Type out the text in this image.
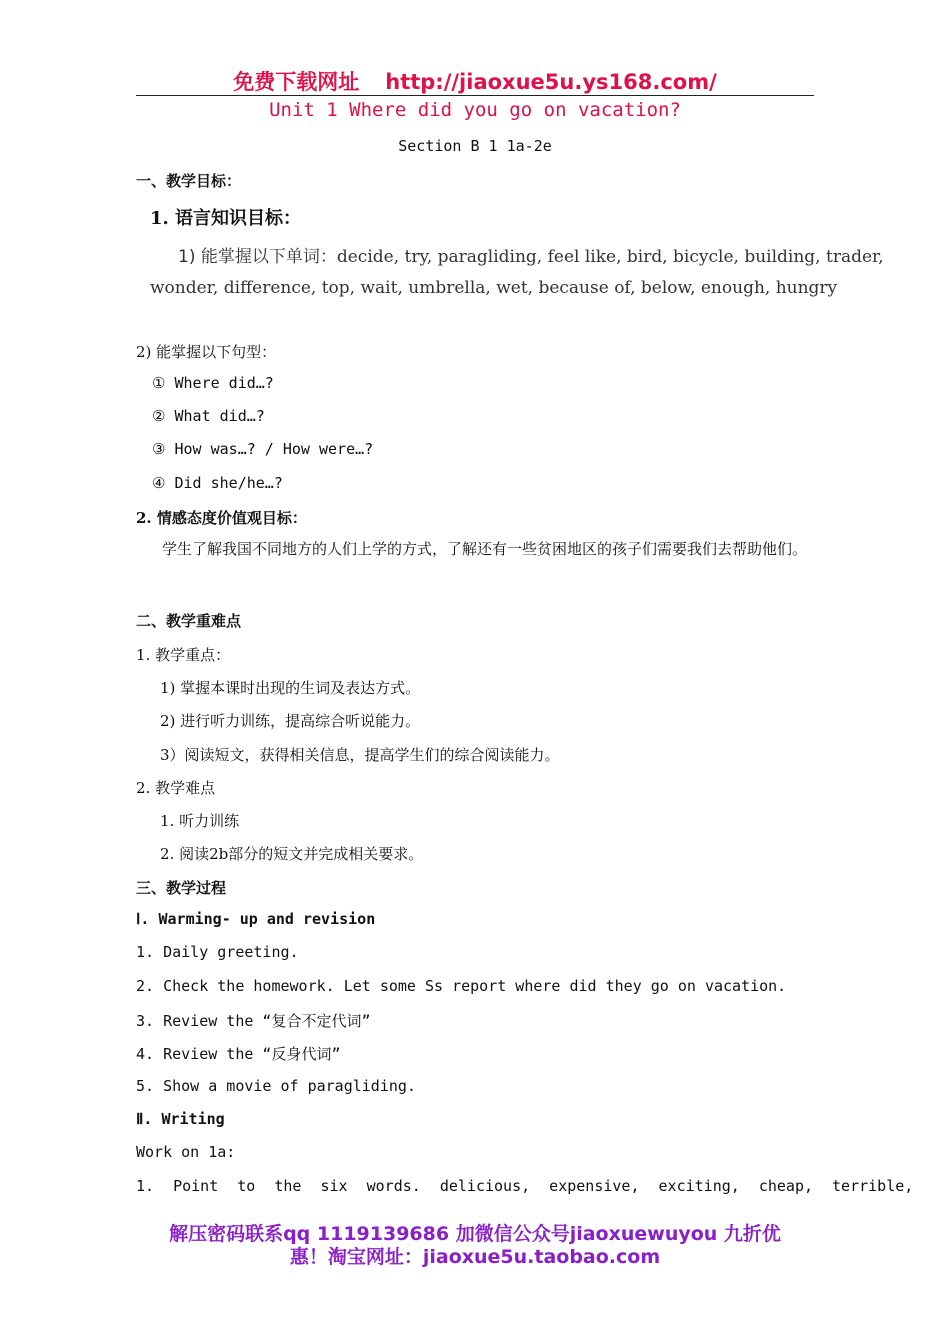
免费下载网址 http://jiaoxue5u.ys168.com/
Unit 1 Where did you go on vacation?
Section B 1 1a-2e
一、教学目标：
1. 语言知识目标：
1) 能掌握以下单词：decide, try, paragliding, feel like, bird, bicycle, building, trader,
wonder, difference, top, wait, umbrella, wet, because of, below, enough, hungry
2) 能掌握以下句型：
① Where did…?
② What did…?
③ How was…? / How were…?
④ Did she/he…?
2. 情感态度价值观目标：
学生了解我国不同地方的人们上学的方式，了解还有一些贫困地区的孩子们需要我们去帮助他们。
二、教学重难点
1. 教学重点：
1) 掌握本课时出现的生词及表达方式。
2) 进行听力训练，提高综合听说能力。
3）阅读短文，获得相关信息，提高学生们的综合阅读能力。
2. 教学难点
1. 听力训练
2. 阅读2b部分的短文并完成相关要求。
三、教学过程
Ⅰ. Warming- up and revision
1. Daily greeting.
2. Check the homework. Let some Ss report where did they go on vacation.
3. Review the “复合不定代词”
4. Review the “反身代词”
5. Show a movie of paragliding.
Ⅱ. Writing
Work on 1a:
1. Point to the six words. delicious, expensive, exciting, cheap, terrible,
解压密码联系qq 1119139686 加微信公众号jiaoxuewuyou 九折优
惠！淘宝网址：jiaoxue5u.taobao.com
